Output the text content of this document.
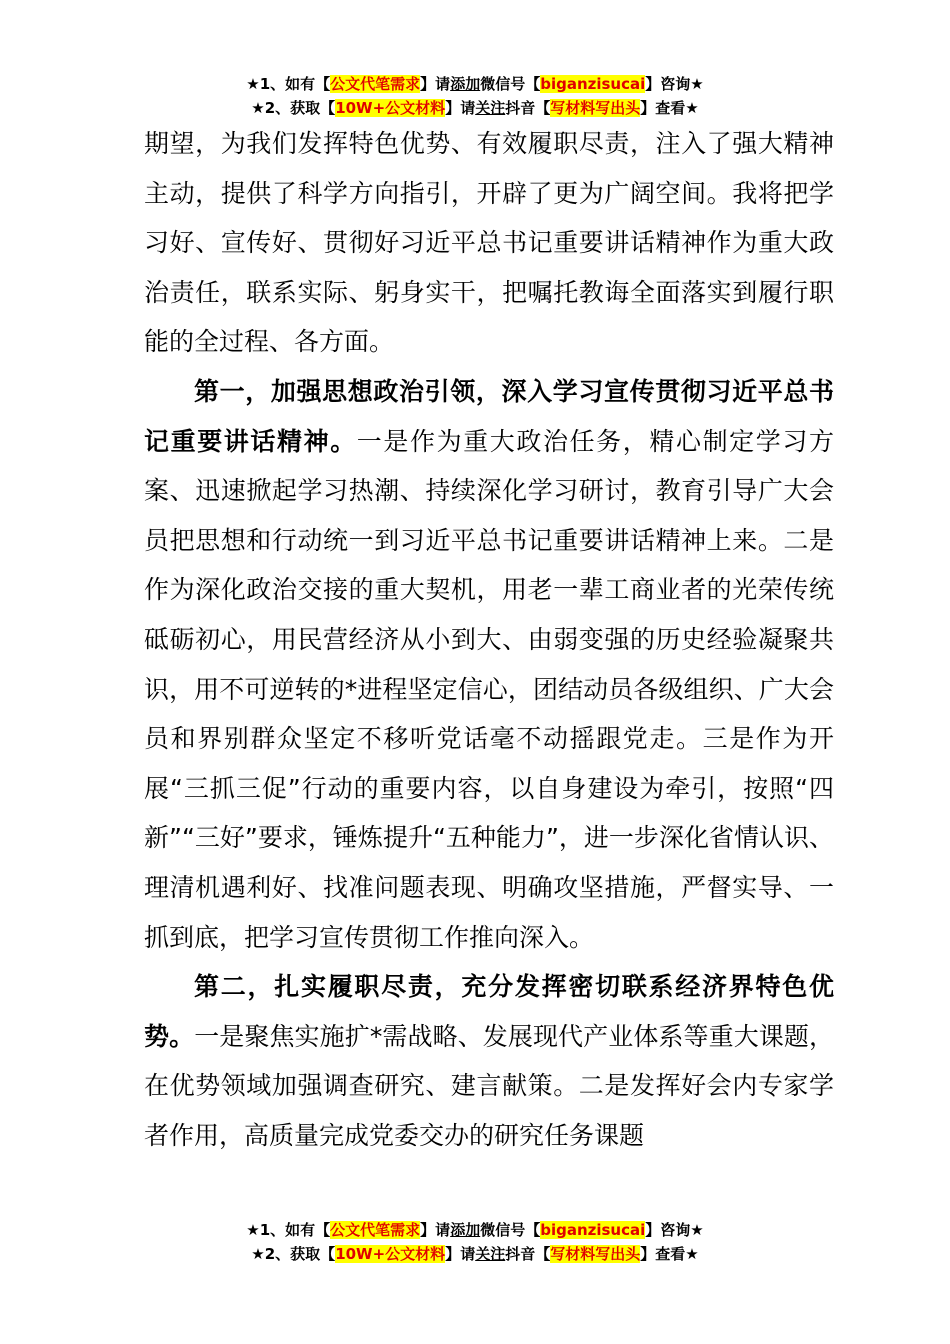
★1、如有【公文代笔需求】请添加微信号【biganzisucai】咨询★
★2、获取【10W+公文材料】请关注抖音【写材料写出头】查看★

期望，为我们发挥特色优势、有效履职尽责，注入了强大精神主动，提供了科学方向指引，开辟了更为广阔空间。我将把学习好、宣传好、贯彻好习近平总书记重要讲话精神作为重大政治责任，联系实际、躬身实干，把嘱托教诲全面落实到履行职能的全过程、各方面。

第一，加强思想政治引领，深入学习宣传贯彻习近平总书记重要讲话精神。一是作为重大政治任务，精心制定学习方案、迅速掀起学习热潮、持续深化学习研讨，教育引导广大会员把思想和行动统一到习近平总书记重要讲话精神上来。二是作为深化政治交接的重大契机，用老一辈工商业者的光荣传统砥砺初心，用民营经济从小到大、由弱变强的历史经验凝聚共识，用不可逆转的*进程坚定信心，团结动员各级组织、广大会员和界别群众坚定不移听党话毫不动摇跟党走。三是作为开展“三抓三促”行动的重要内容，以自身建设为牵引，按照“四新”“三好”要求，锤炼提升“五种能力”，进一步深化省情认识、理清机遇利好、找准问题表现、明确攻坚措施，严督实导、一抓到底，把学习宣传贯彻工作推向深入。

第二，扎实履职尽责，充分发挥密切联系经济界特色优势。一是聚焦实施扩*需战略、发展现代产业体系等重大课题，在优势领域加强调查研究、建言献策。二是发挥好会内专家学者作用，高质量完成党委交办的研究任务课题

★1、如有【公文代笔需求】请添加微信号【biganzisucai】咨询★
★2、获取【10W+公文材料】请关注抖音【写材料写出头】查看★
